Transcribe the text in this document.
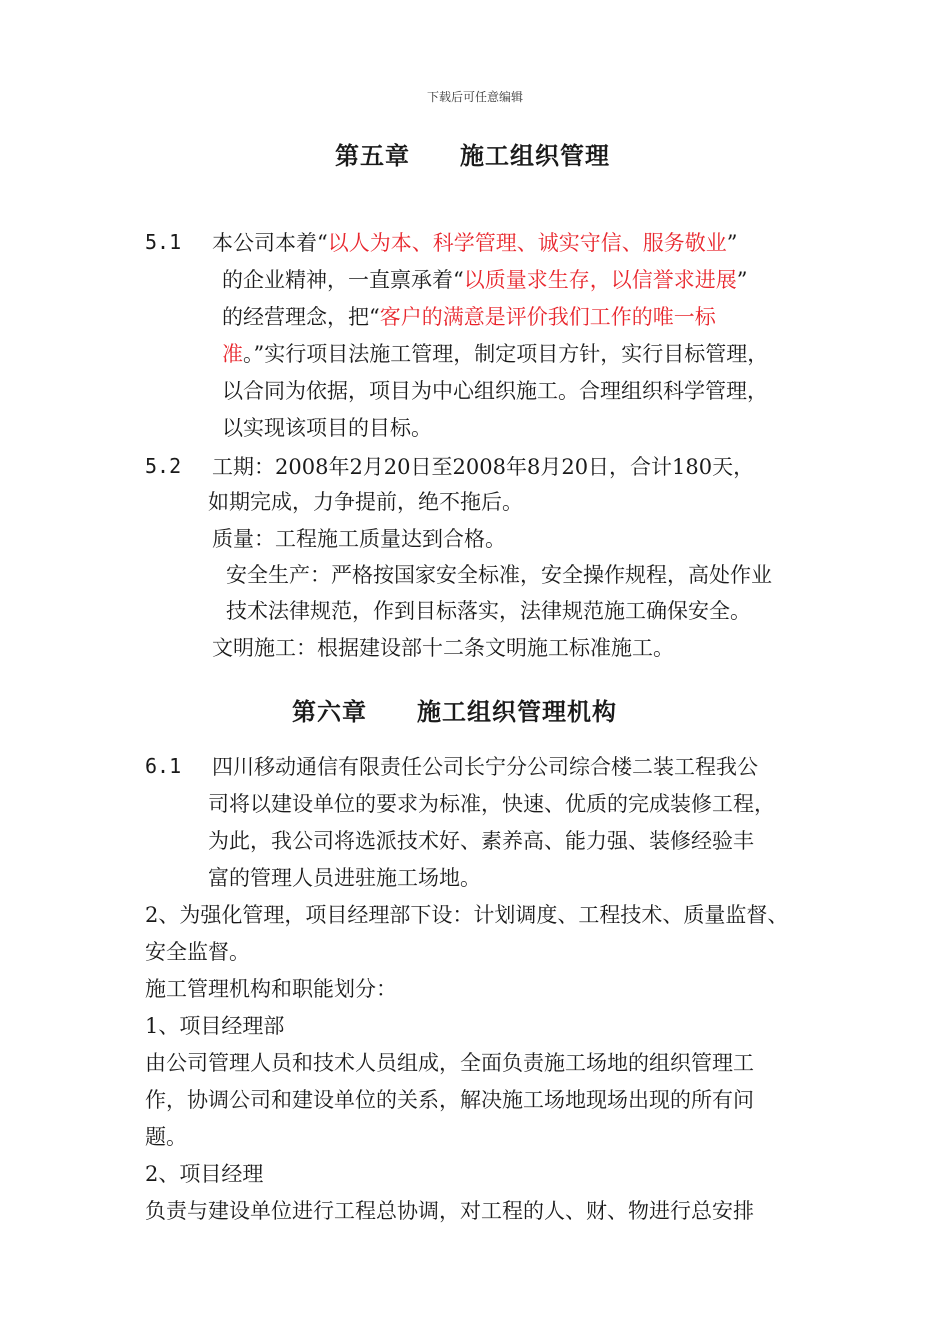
下载后可任意编辑
第五章 施工组织管理
5.1 本公司本着“以人为本、科学管理、诚实守信、服务敬业”
的企业精神，一直禀承着“以质量求生存，以信誉求进展”
的经营理念，把“客户的满意是评价我们工作的唯一标
准。”实行项目法施工管理，制定项目方针，实行目标管理，
以合同为依据，项目为中心组织施工。合理组织科学管理，
以实现该项目的目标。
5.2 工期：2008年2月20日至2008年8月20日，合计180天，
如期完成，力争提前，绝不拖后。
质量：工程施工质量达到合格。
安全生产：严格按国家安全标准，安全操作规程，高处作业
技术法律规范，作到目标落实，法律规范施工确保安全。
文明施工：根据建设部十二条文明施工标准施工。
第六章 施工组织管理机构
6.1 四川移动通信有限责任公司长宁分公司综合楼二装工程我公
司将以建设单位的要求为标准，快速、优质的完成装修工程，
为此，我公司将选派技术好、素养高、能力强、装修经验丰
富的管理人员进驻施工场地。
2、为强化管理，项目经理部下设：计划调度、工程技术、质量监督、
安全监督。
施工管理机构和职能划分：
1、项目经理部
由公司管理人员和技术人员组成，全面负责施工场地的组织管理工
作，协调公司和建设单位的关系，解决施工场地现场出现的所有问
题。
2、项目经理
负责与建设单位进行工程总协调，对工程的人、财、物进行总安排
